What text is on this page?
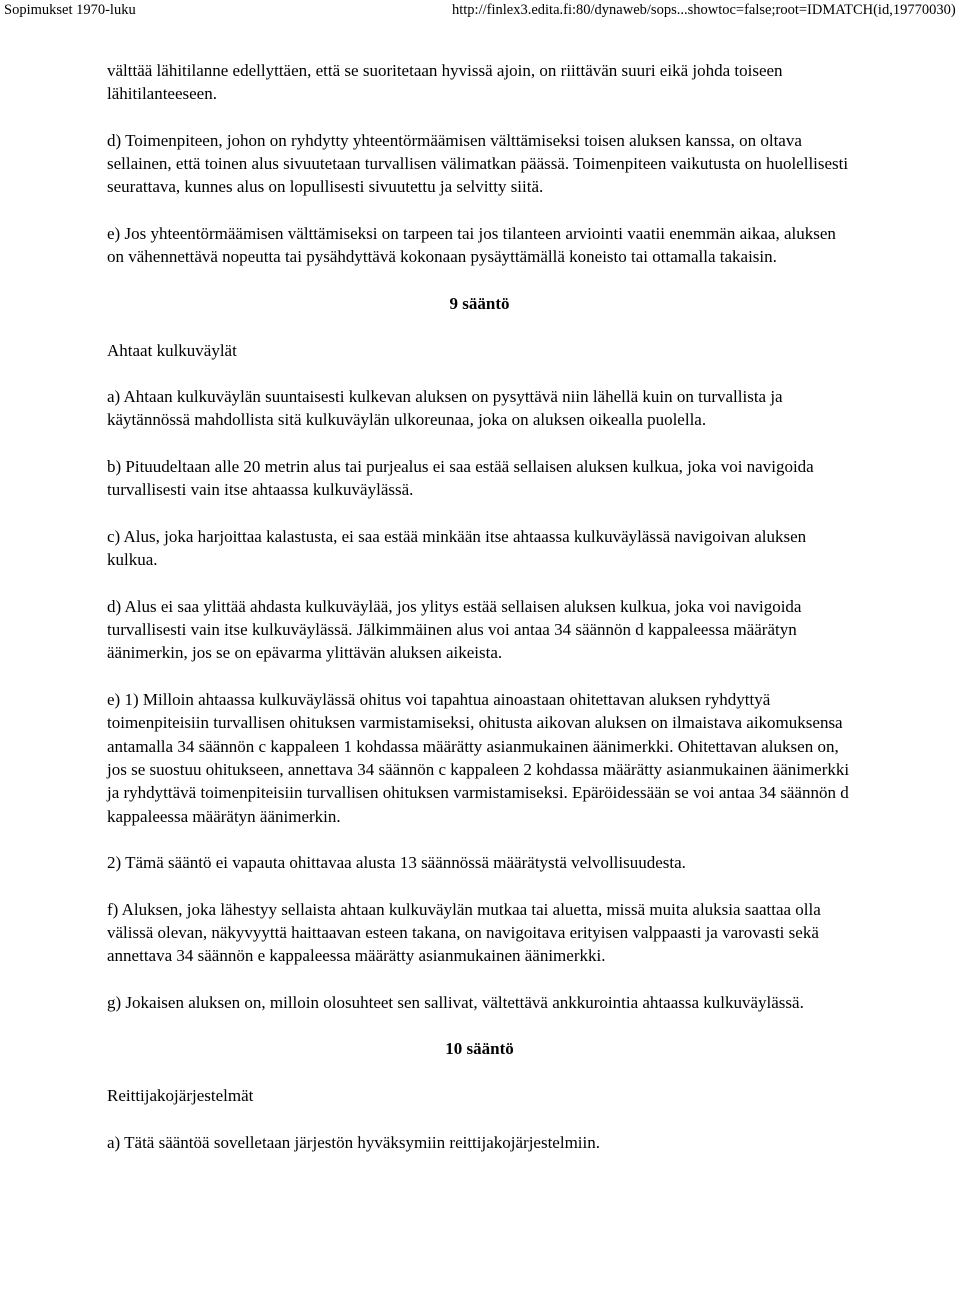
Sopimukset 1970-luku	http://finlex3.edita.fi:80/dynaweb/sops...showtoc=false;root=IDMATCH(id,19770030)

välttää lähitilanne edellyttäen, että se suoritetaan hyvissä ajoin, on riittävän suuri eikä johda toiseen lähitilanteeseen.

d) Toimenpiteen, johon on ryhdytty yhteentörmäämisen välttämiseksi toisen aluksen kanssa, on oltava sellainen, että toinen alus sivuutetaan turvallisen välimatkan päässä. Toimenpiteen vaikutusta on huolellisesti seurattava, kunnes alus on lopullisesti sivuutettu ja selvitty siitä.

e) Jos yhteentörmäämisen välttämiseksi on tarpeen tai jos tilanteen arviointi vaatii enemmän aikaa, aluksen on vähennettävä nopeutta tai pysähdyttävä kokonaan pysäyttämällä koneisto tai ottamalla takaisin.

9 sääntö

Ahtaat kulkuväylät

a) Ahtaan kulkuväylän suuntaisesti kulkevan aluksen on pysyttävä niin lähellä kuin on turvallista ja käytännössä mahdollista sitä kulkuväylän ulkoreunaa, joka on aluksen oikealla puolella.

b) Pituudeltaan alle 20 metrin alus tai purjealus ei saa estää sellaisen aluksen kulkua, joka voi navigoida turvallisesti vain itse ahtaassa kulkuväylässä.

c) Alus, joka harjoittaa kalastusta, ei saa estää minkään itse ahtaassa kulkuväylässä navigoivan aluksen kulkua.

d) Alus ei saa ylittää ahdasta kulkuväylää, jos ylitys estää sellaisen aluksen kulkua, joka voi navigoida turvallisesti vain itse kulkuväylässä. Jälkimmäinen alus voi antaa 34 säännön d kappaleessa määrätyn äänimerkin, jos se on epävarma ylittävän aluksen aikeista.

e) 1) Milloin ahtaassa kulkuväylässä ohitus voi tapahtua ainoastaan ohitettavan aluksen ryhdyttyä toimenpiteisiin turvallisen ohituksen varmistamiseksi, ohitusta aikovan aluksen on ilmaistava aikomuksensa antamalla 34 säännön c kappaleen 1 kohdassa määrätty asianmukainen äänimerkki. Ohitettavan aluksen on, jos se suostuu ohitukseen, annettava 34 säännön c kappaleen 2 kohdassa määrätty asianmukainen äänimerkki ja ryhdyttävä toimenpiteisiin turvallisen ohituksen varmistamiseksi. Epäröidessään se voi antaa 34 säännön d kappaleessa määrätyn äänimerkin.

2) Tämä sääntö ei vapauta ohittavaa alusta 13 säännössä määrätystä velvollisuudesta.

f) Aluksen, joka lähestyy sellaista ahtaan kulkuväylän mutkaa tai aluetta, missä muita aluksia saattaa olla välissä olevan, näkyvyyttä haittaavan esteen takana, on navigoitava erityisen valppaasti ja varovasti sekä annettava 34 säännön e kappaleessa määrätty asianmukainen äänimerkki.

g) Jokaisen aluksen on, milloin olosuhteet sen sallivat, vältettävä ankkurointia ahtaassa kulkuväylässä.

10 sääntö

Reittijakojärjestelmät

a) Tätä sääntöä sovelletaan järjestön hyväksymiin reittijakojärjestelmiin.
